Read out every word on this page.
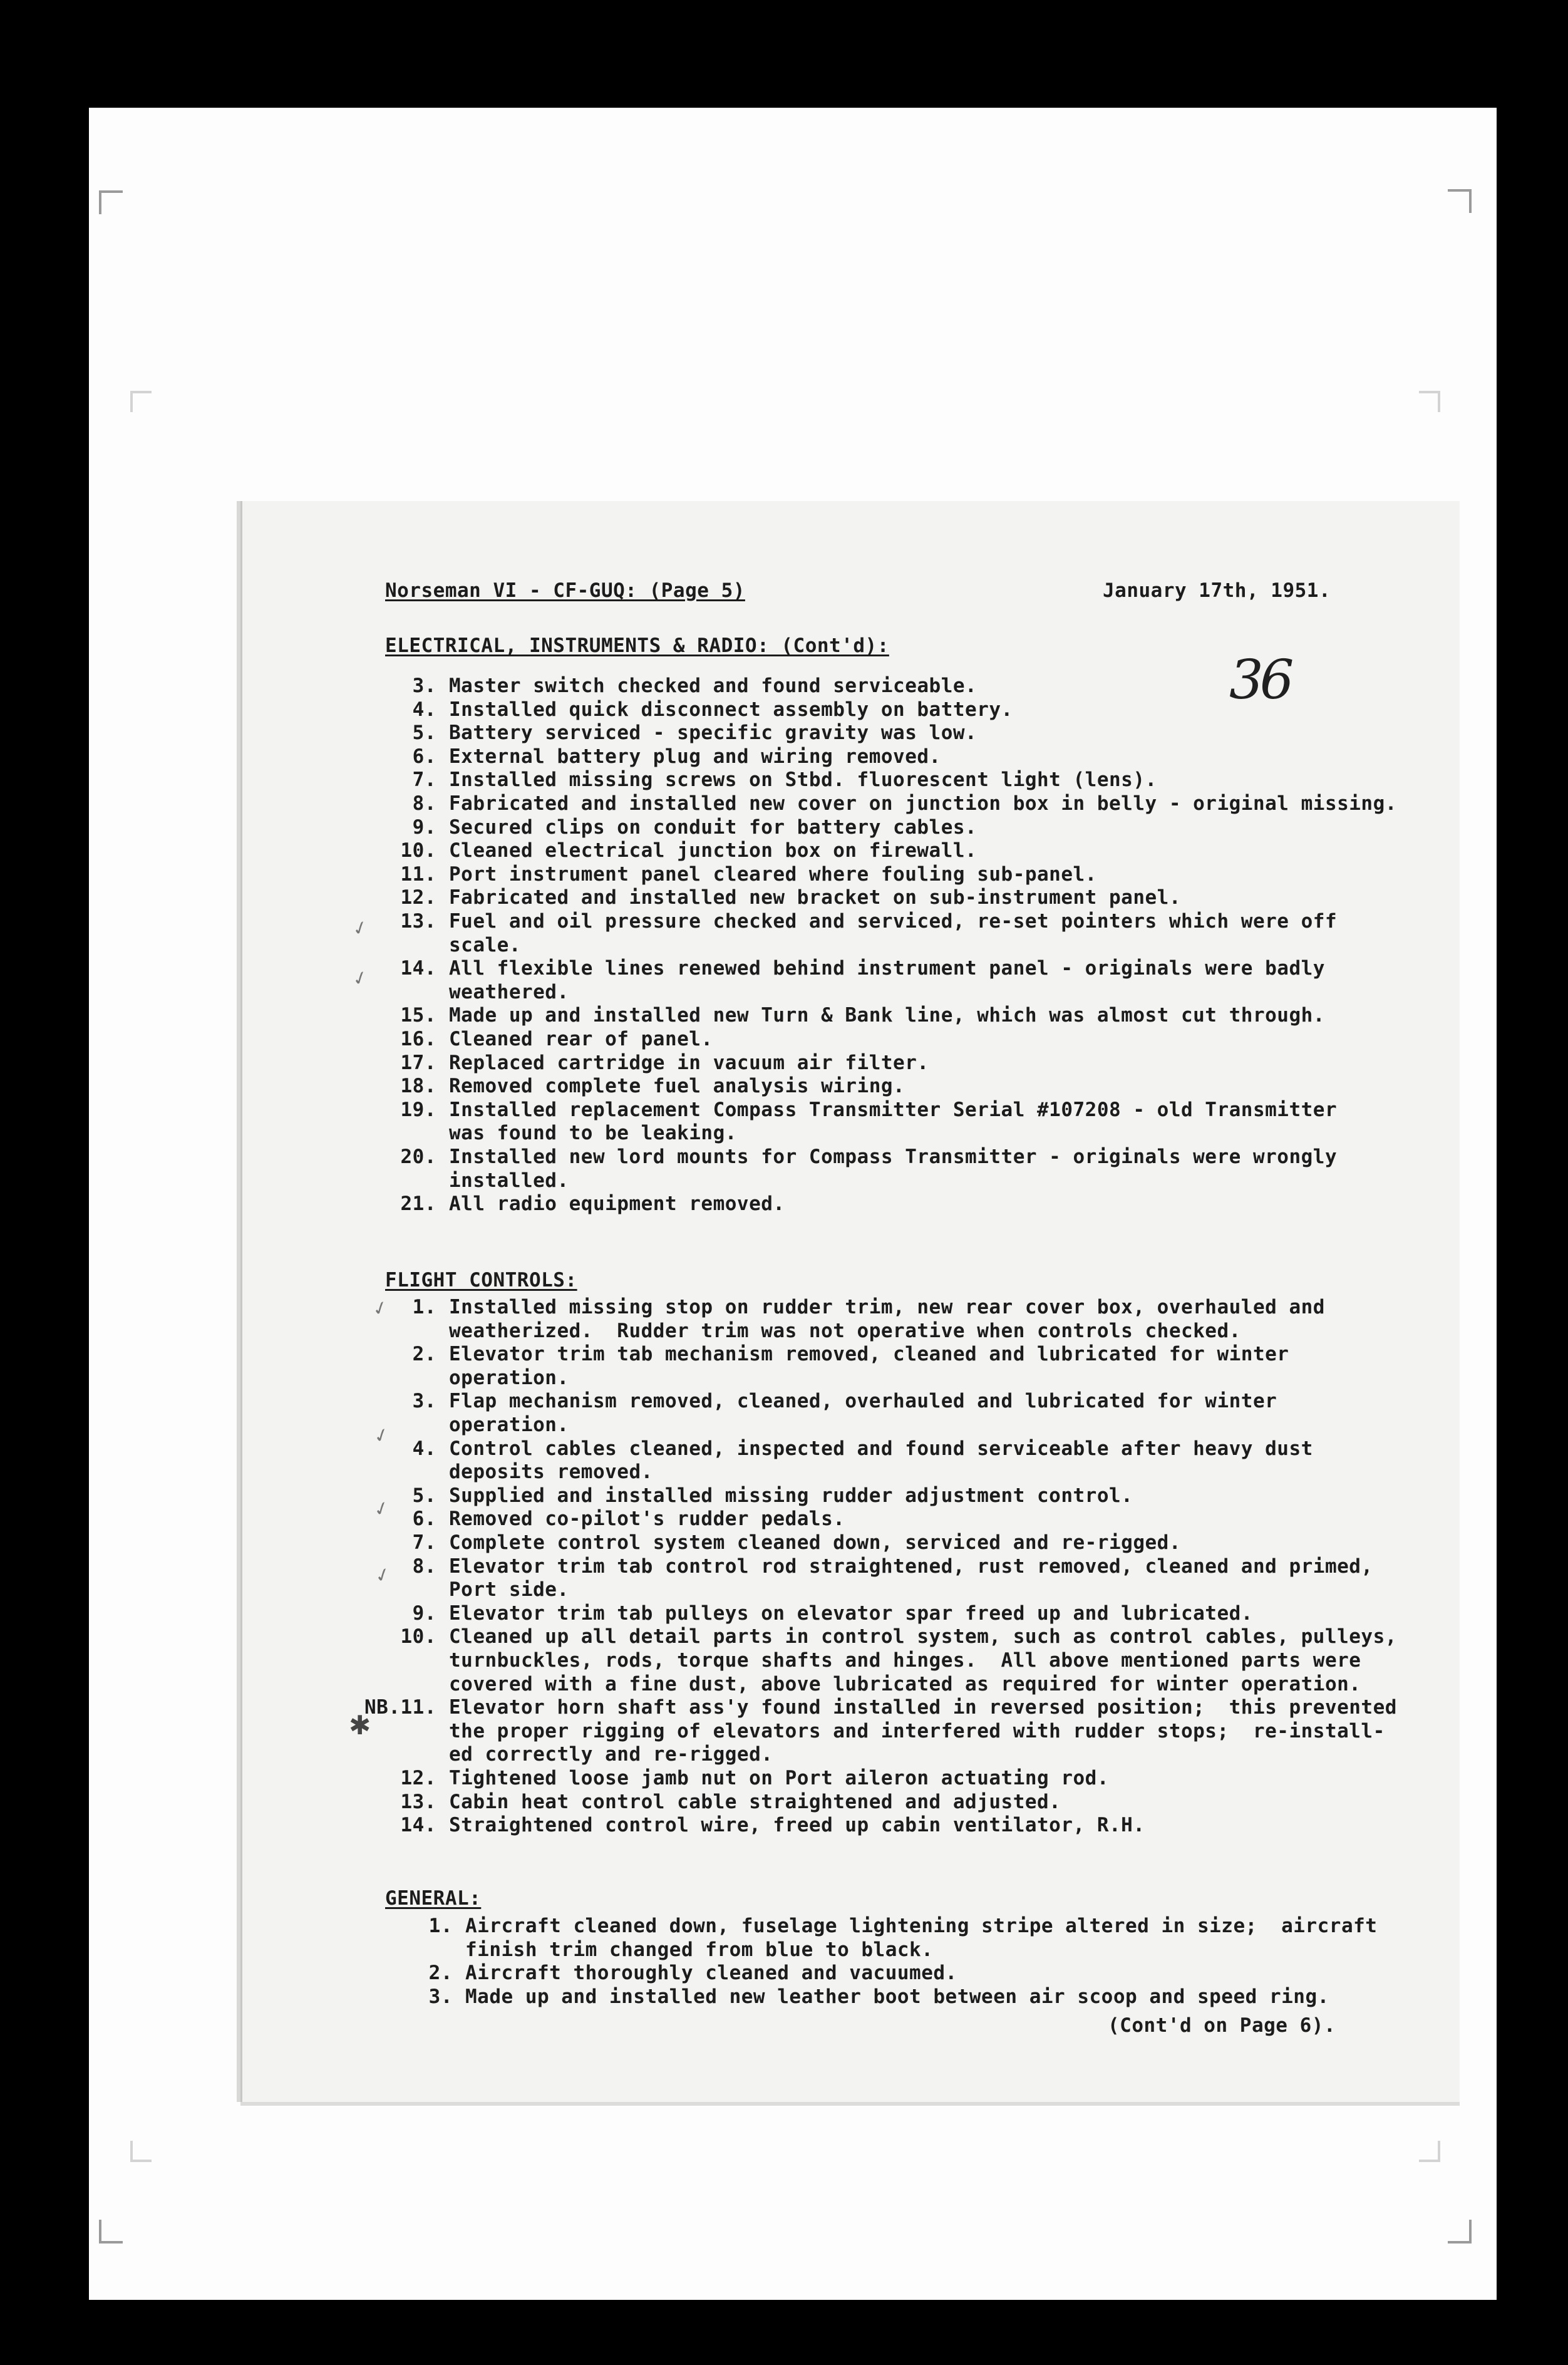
Norseman VI - CF-GUQ: (Page 5)	January 17th, 1951.
36
ELECTRICAL, INSTRUMENTS & RADIO: (Cont'd):
3. Master switch checked and found serviceable.
4. Installed quick disconnect assembly on battery.
5. Battery serviced - specific gravity was low.
6. External battery plug and wiring removed.
7. Installed missing screws on Stbd. fluorescent light (lens).
8. Fabricated and installed new cover on junction box in belly - original missing.
9. Secured clips on conduit for battery cables.
10. Cleaned electrical junction box on firewall.
11. Port instrument panel cleared where fouling sub-panel.
12. Fabricated and installed new bracket on sub-instrument panel.
13. Fuel and oil pressure checked and serviced, re-set pointers which were off
scale.
14. All flexible lines renewed behind instrument panel - originals were badly
weathered.
15. Made up and installed new Turn & Bank line, which was almost cut through.
16. Cleaned rear of panel.
17. Replaced cartridge in vacuum air filter.
18. Removed complete fuel analysis wiring.
19. Installed replacement Compass Transmitter Serial #107208 - old Transmitter
was found to be leaking.
20. Installed new lord mounts for Compass Transmitter - originals were wrongly
installed.
21. All radio equipment removed.
FLIGHT CONTROLS:
1. Installed missing stop on rudder trim, new rear cover box, overhauled and
weatherized.  Rudder trim was not operative when controls checked.
2. Elevator trim tab mechanism removed, cleaned and lubricated for winter
operation.
3. Flap mechanism removed, cleaned, overhauled and lubricated for winter
operation.
4. Control cables cleaned, inspected and found serviceable after heavy dust
deposits removed.
5. Supplied and installed missing rudder adjustment control.
6. Removed co-pilot's rudder pedals.
7. Complete control system cleaned down, serviced and re-rigged.
8. Elevator trim tab control rod straightened, rust removed, cleaned and primed,
Port side.
9. Elevator trim tab pulleys on elevator spar freed up and lubricated.
10. Cleaned up all detail parts in control system, such as control cables, pulleys,
turnbuckles, rods, torque shafts and hinges.  All above mentioned parts were
covered with a fine dust, above lubricated as required for winter operation.
NB.11. Elevator horn shaft ass'y found installed in reversed position;  this prevented
the proper rigging of elevators and interfered with rudder stops;  re-install-
ed correctly and re-rigged.
12. Tightened loose jamb nut on Port aileron actuating rod.
13. Cabin heat control cable straightened and adjusted.
14. Straightened control wire, freed up cabin ventilator, R.H.
GENERAL:
1. Aircraft cleaned down, fuselage lightening stripe altered in size;  aircraft
finish trim changed from blue to black.
2. Aircraft thoroughly cleaned and vacuumed.
3. Made up and installed new leather boot between air scoop and speed ring.
(Cont'd on Page 6).
✓
✓
✓
✓
✓
✓
✱
